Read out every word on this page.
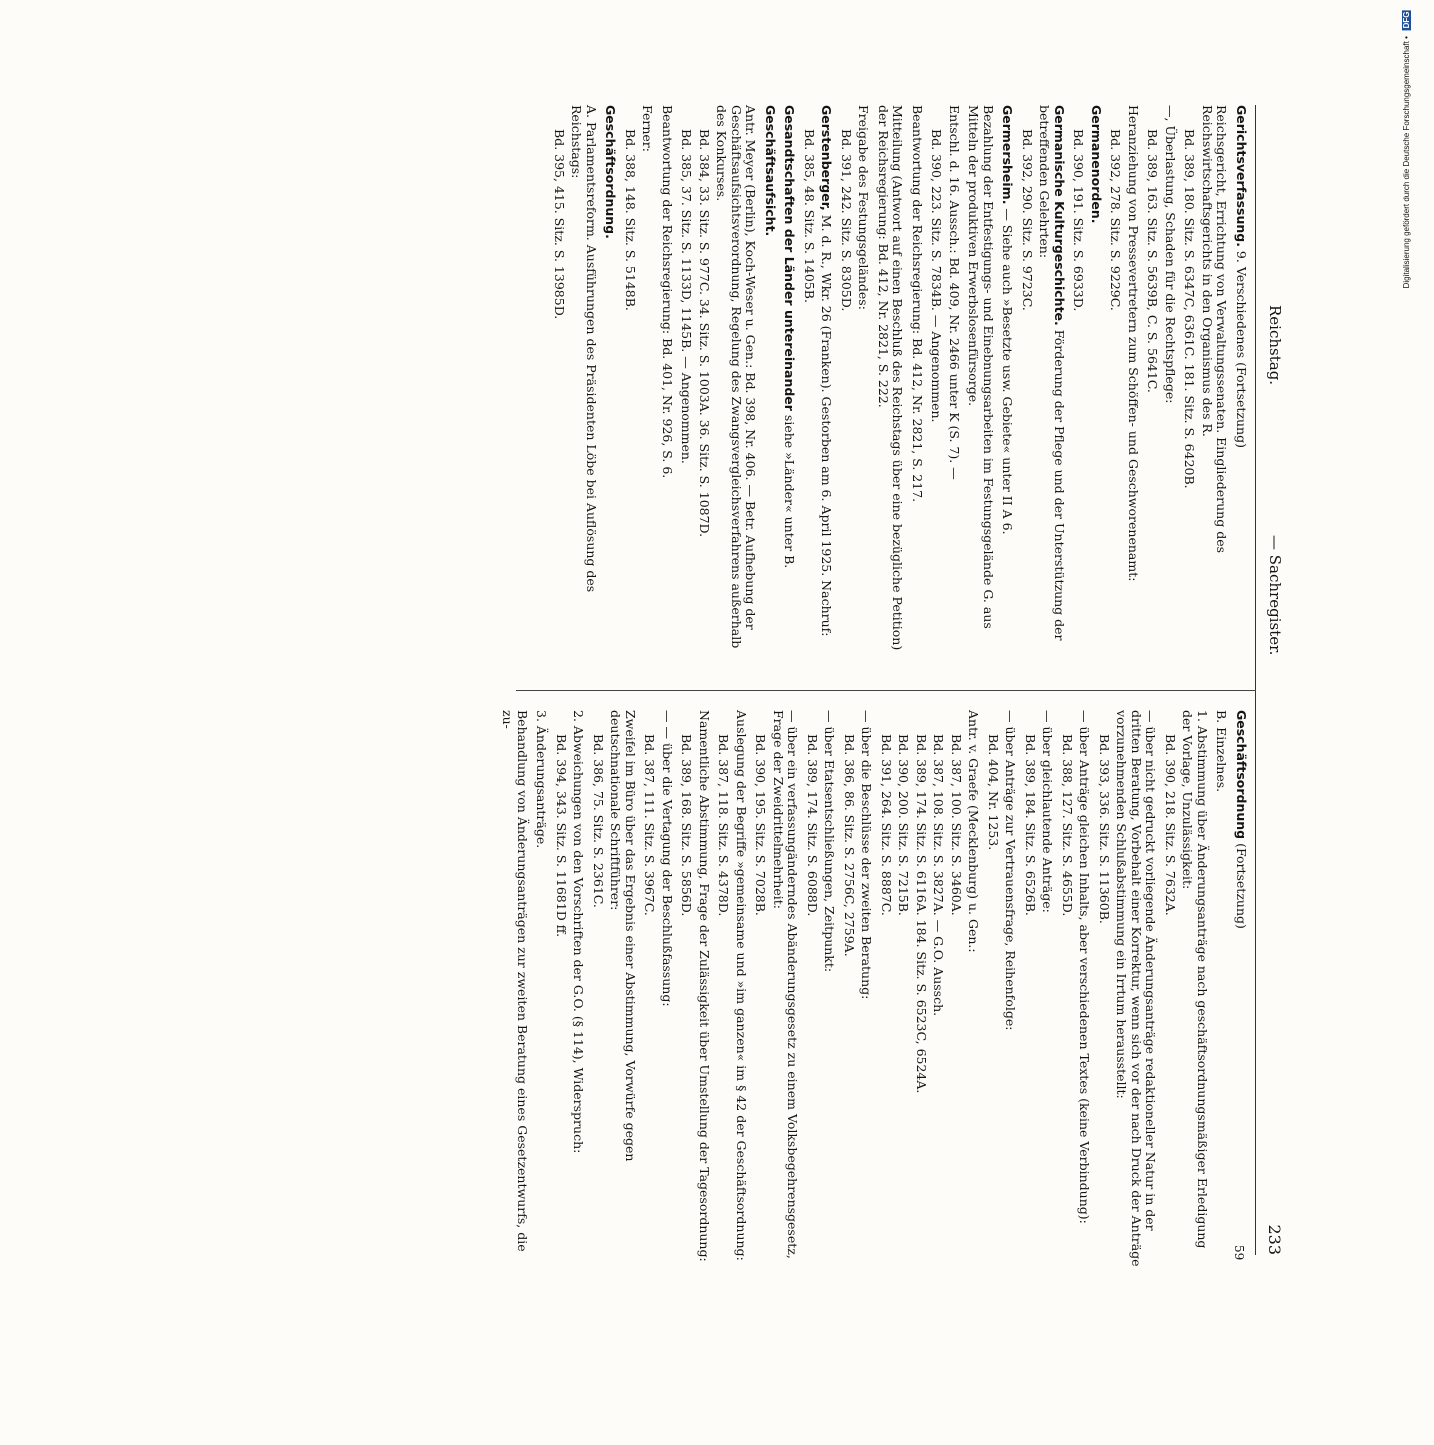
Reichstag.
— Sachregister.
233

Gerichtsverfassung. 9. Verschiedenes (Fortsetzung)

Reichsgericht, Errichtung von Verwaltungssenaten. Eingliederung des Reichswirtschaftsgerichts in den Organismus des R.

Bd. 389, 180. Sitz. S. 6347C, 6361C. 181. Sitz. S. 6420B.

—, Überlastung, Schaden für die Rechtspflege:

Bd. 389, 163. Sitz. S. 5639B, C. S. 5641C.

Heranziehung von Pressevertretern zum Schöffen- und Geschworenenamt:

Bd. 392, 278. Sitz. S. 9229C.

Germanenorden.

Bd. 390, 191. Sitz. S. 6933D.

Germanische Kulturgeschichte. Förderung der Pflege und der Unterstützung der betreffenden Gelehrten:

Bd. 392, 290. Sitz. S. 9723C.

Germersheim. — Siehe auch »Besetzte usw. Gebiete« unter II A 6.

Bezahlung der Entfestigungs- und Einebnungsarbeiten im Festungsgelände G. aus Mitteln der produktiven Erwerbslosenfürsorge.

Entschl. d. 16. Aussch.: Bd. 409, Nr. 2466 unter K (S. 7). —

Bd. 390, 223. Sitz. S. 7834B. — Angenommen.

Beantwortung der Reichsregierung: Bd. 412, Nr. 2821, S. 217.

Mitteilung (Antwort auf einen Beschluß des Reichstags über eine bezügliche Petition) der Reichsregierung: Bd. 412, Nr. 2821, S. 222.

Freigabe des Festungsgeländes:

Bd. 391, 242. Sitz. S. 8305D.

Gerstenberger, M. d. R., Wkr. 26 (Franken). Gestorben am 6. April 1925. Nachruf:

Bd. 385, 48. Sitz. S. 1405B.

Gesandtschaften der Länder untereinander siehe »Länder« unter B.

Geschäftsaufsicht.

Antr. Meyer (Berlin), Koch-Weser u. Gen.: Bd. 398, Nr. 406. — Betr. Aufhebung der Geschäftsaufsichtsverordnung, Regelung des Zwangsvergleichsverfahrens außerhalb des Konkurses.

Bd. 384, 33. Sitz. S. 977C. 34. Sitz. S. 1003A. 36. Sitz. S. 1087D.

Bd. 385, 37. Sitz. S. 1133D, 1145B. — Angenommen.

Beantwortung der Reichsregierung: Bd. 401, Nr. 926, S. 6.

Ferner:

Bd. 388, 148. Sitz. S. 5148B.

Geschäftsordnung.

A. Parlamentsreform. Ausführungen des Präsidenten Löbe bei Auflösung des Reichstags:

Bd. 395, 415. Sitz. S. 13985D.

Geschäftsordnung (Fortsetzung)

B. Einzelnes.

1. Abstimmung über Änderungsanträge nach geschäftsordnungsmäßiger Erledigung der Vorlage, Unzulässigkeit:

Bd. 390, 218. Sitz. S. 7632A.

— über nicht gedruckt vorliegende Änderungsanträge redaktioneller Natur in der dritten Beratung, Vorbehalt einer Korrektur, wenn sich vor der nach Druck der Anträge vorzunehmenden Schlußabstimmung ein Irrtum herausstellt:

Bd. 393, 336. Sitz. S. 11360B.

— über Anträge gleichen Inhalts, aber verschiedenen Textes (keine Verbindung):

Bd. 388, 127. Sitz. S. 4655D.

— über gleichlautende Anträge:

Bd. 389, 184. Sitz. S. 6526B.

— über Anträge zur Vertrauensfrage, Reihenfolge:

Bd. 404, Nr. 1253.

Antr. v. Graefe (Mecklenburg) u. Gen.:

Bd. 387, 100. Sitz. S. 3460A.

Bd. 387, 108. Sitz. S. 3827A. — G.O. Aussch.

Bd. 389, 174. Sitz. S. 6116A. 184. Sitz. S. 6523C, 6524A.

Bd. 390, 200. Sitz. S. 7215B.

Bd. 391, 264. Sitz. S. 8887C.

— über die Beschlüsse der zweiten Beratung:

Bd. 386, 86. Sitz. S. 2756C, 2759A.

— über Etatsentschließungen, Zeitpunkt:

Bd. 389, 174. Sitz. S. 6088D.

— über ein verfassungänderndes Abänderungsgesetz zu einem Volksbegehrensgesetz, Frage der Zweidrittelmehrheit:

Bd. 390, 195. Sitz. S. 7028B.

Auslegung der Begriffe »gemeinsame und »im ganzen« im § 42 der Geschäftsordnung:

Bd. 387, 118. Sitz. S. 4378D.

Namentliche Abstimmung, Frage der Zulässigkeit über Umstellung der Tagesordnung:

Bd. 389, 168. Sitz. S. 5856D.

— — über die Vertagung der Beschlußfassung:

Bd. 387, 111. Sitz. S. 3967C.

Zweifel im Büro über das Ergebnis einer Abstimmung, Vorwürfe gegen deutschnationale Schriftführer:

Bd. 386, 75. Sitz. S. 2361C.

2. Abweichungen von den Vorschriften der G.O. (§ 114), Widerspruch:

Bd. 394, 343. Sitz. S. 11681D ff.

3. Änderungsanträge.

Behandlung von Änderungsanträgen zur zweiten Beratung eines Gesetzentwurfs, die zu-

59
Digitalisierung gefördert durch die Deutsche Forschungsgemeinschaft • DFG
